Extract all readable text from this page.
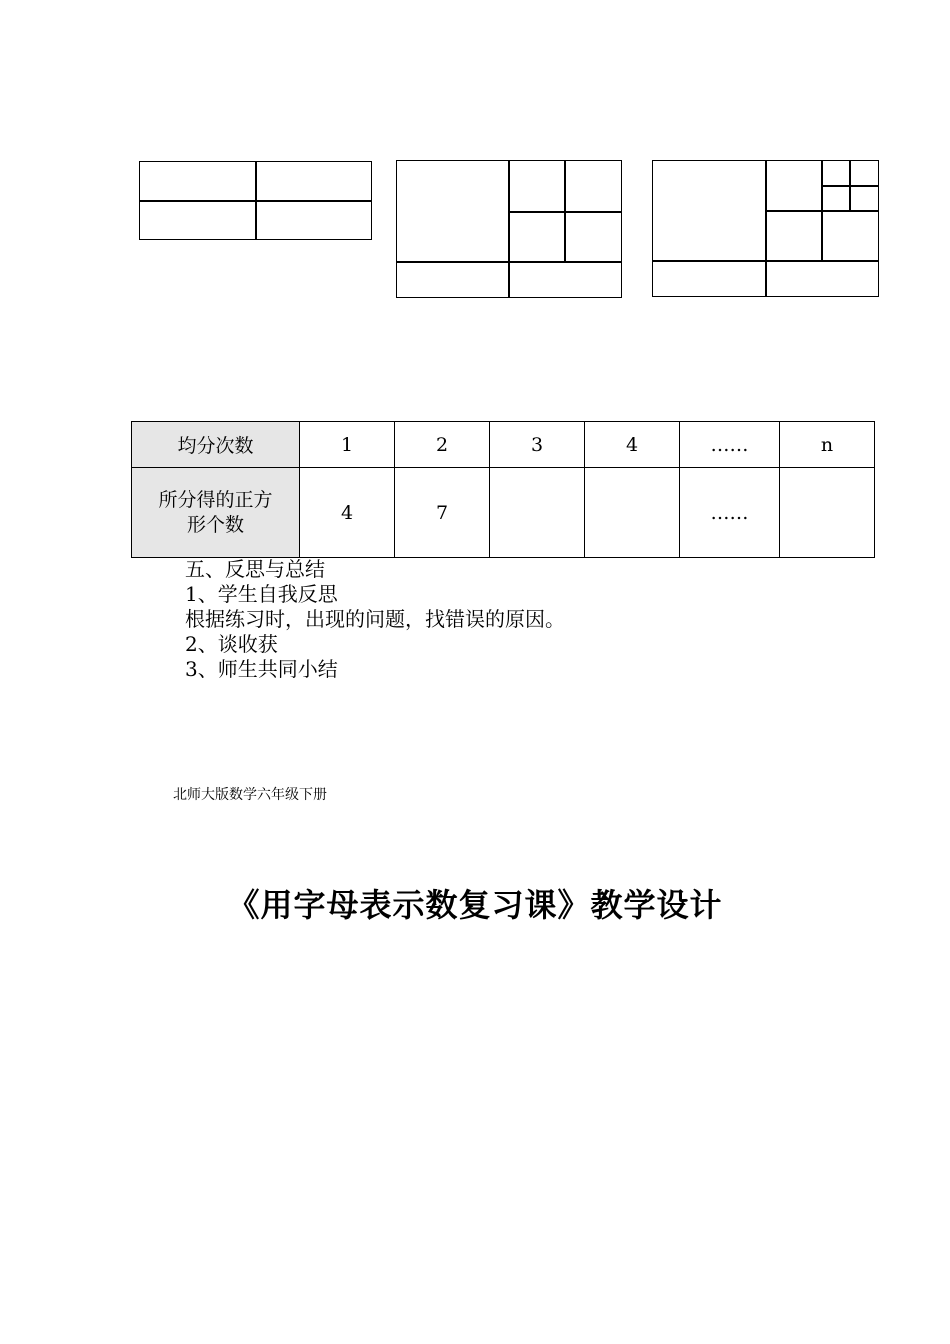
均分次数	1	2	3	4	……	n
所分得的正方
形个数	4	7			……	
五、反思与总结
1、学生自我反思
根据练习时，出现的问题，找错误的原因。
2、谈收获
3、师生共同小结
北师大版数学六年级下册
《用字母表示数复习课》教学设计
